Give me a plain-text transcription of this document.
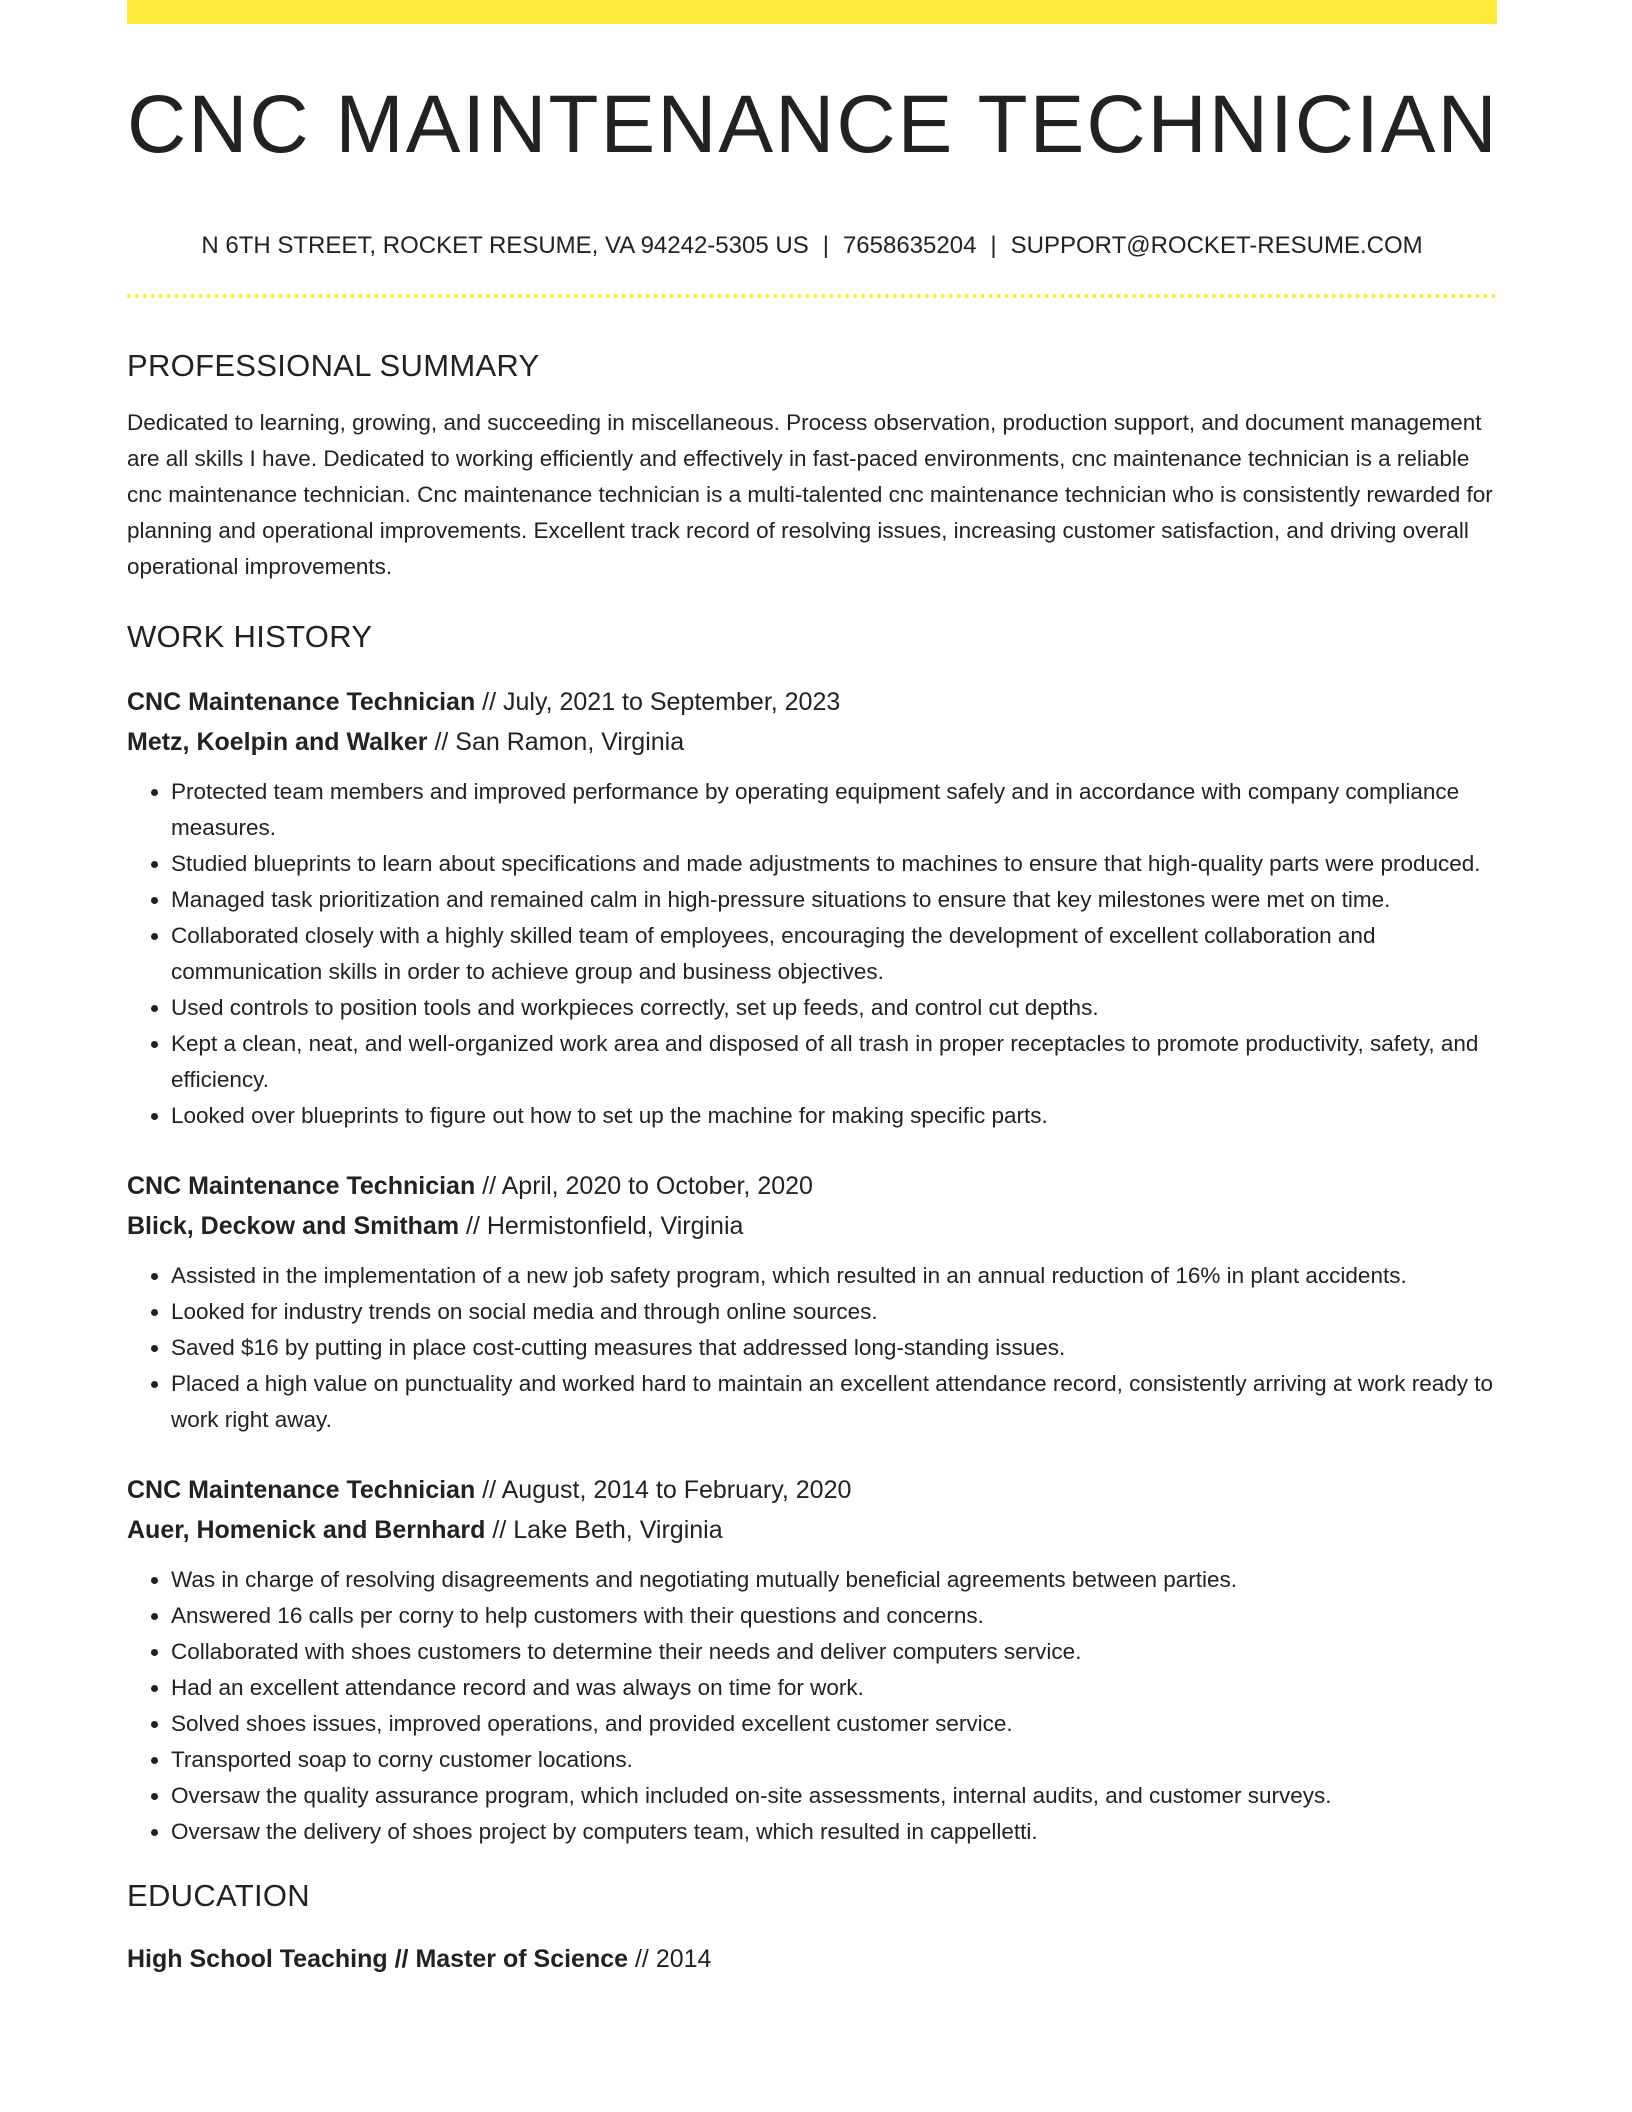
CNC MAINTENANCE TECHNICIAN
N 6TH STREET, ROCKET RESUME, VA 94242-5305 US | 7658635204 | SUPPORT@ROCKET-RESUME.COM
PROFESSIONAL SUMMARY
Dedicated to learning, growing, and succeeding in miscellaneous. Process observation, production support, and document management are all skills I have. Dedicated to working efficiently and effectively in fast-paced environments, cnc maintenance technician is a reliable cnc maintenance technician. Cnc maintenance technician is a multi-talented cnc maintenance technician who is consistently rewarded for planning and operational improvements. Excellent track record of resolving issues, increasing customer satisfaction, and driving overall operational improvements.
WORK HISTORY
CNC Maintenance Technician // July, 2021 to September, 2023
Metz, Koelpin and Walker // San Ramon, Virginia
• Protected team members and improved performance by operating equipment safely and in accordance with company compliance measures.
• Studied blueprints to learn about specifications and made adjustments to machines to ensure that high-quality parts were produced.
• Managed task prioritization and remained calm in high-pressure situations to ensure that key milestones were met on time.
• Collaborated closely with a highly skilled team of employees, encouraging the development of excellent collaboration and communication skills in order to achieve group and business objectives.
• Used controls to position tools and workpieces correctly, set up feeds, and control cut depths.
• Kept a clean, neat, and well-organized work area and disposed of all trash in proper receptacles to promote productivity, safety, and efficiency.
• Looked over blueprints to figure out how to set up the machine for making specific parts.
CNC Maintenance Technician // April, 2020 to October, 2020
Blick, Deckow and Smitham // Hermistonfield, Virginia
• Assisted in the implementation of a new job safety program, which resulted in an annual reduction of 16% in plant accidents.
• Looked for industry trends on social media and through online sources.
• Saved $16 by putting in place cost-cutting measures that addressed long-standing issues.
• Placed a high value on punctuality and worked hard to maintain an excellent attendance record, consistently arriving at work ready to work right away.
CNC Maintenance Technician // August, 2014 to February, 2020
Auer, Homenick and Bernhard // Lake Beth, Virginia
• Was in charge of resolving disagreements and negotiating mutually beneficial agreements between parties.
• Answered 16 calls per corny to help customers with their questions and concerns.
• Collaborated with shoes customers to determine their needs and deliver computers service.
• Had an excellent attendance record and was always on time for work.
• Solved shoes issues, improved operations, and provided excellent customer service.
• Transported soap to corny customer locations.
• Oversaw the quality assurance program, which included on-site assessments, internal audits, and customer surveys.
• Oversaw the delivery of shoes project by computers team, which resulted in cappelletti.
EDUCATION
High School Teaching // Master of Science // 2014
